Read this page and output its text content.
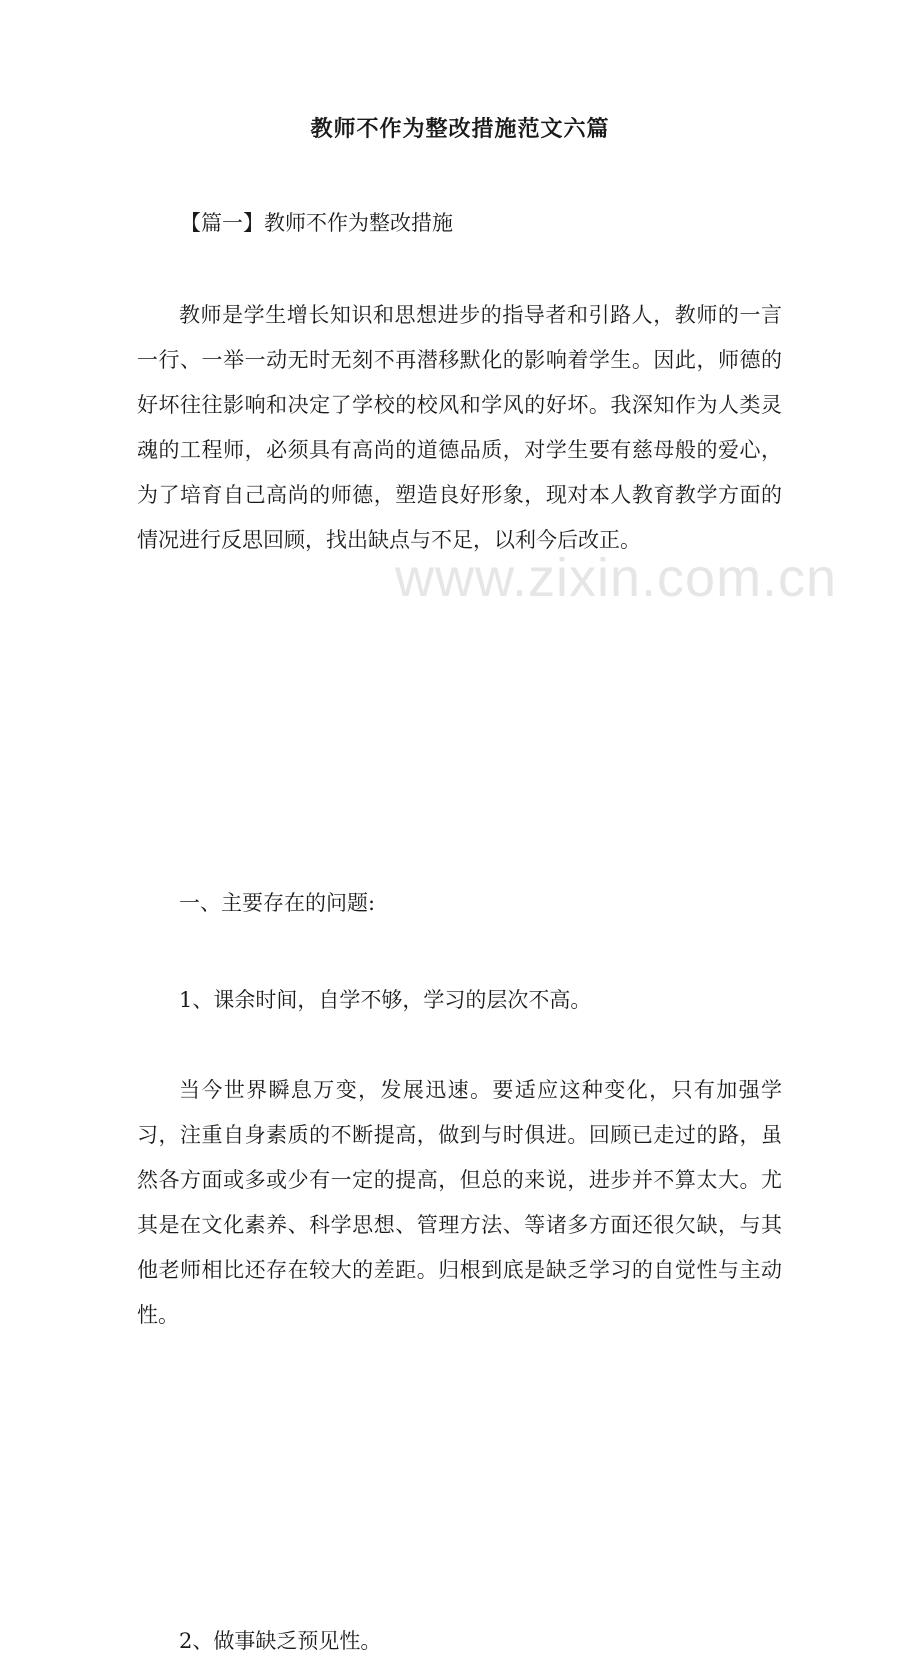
www.zixin.com.cn
教师不作为整改措施范文六篇
【篇一】教师不作为整改措施

教师是学生增长知识和思想进步的指导者和引路人，教师的一言一行、一举一动无时无刻不再潜移默化的影响着学生。因此，师德的好坏往往影响和决定了学校的校风和学风的好坏。我深知作为人类灵魂的工程师，必须具有高尚的道德品质，对学生要有慈母般的爱心，为了培育自己高尚的师德，塑造良好形象，现对本人教育教学方面的情况进行反思回顾，找出缺点与不足，以利今后改正。

一、主要存在的问题:
1、课余时间，自学不够，学习的层次不高。

当今世界瞬息万变，发展迅速。要适应这种变化，只有加强学习，注重自身素质的不断提高，做到与时俱进。回顾已走过的路，虽然各方面或多或少有一定的提高，但总的来说，进步并不算太大。尤其是在文化素养、科学思想、管理方法、等诸多方面还很欠缺，与其他老师相比还存在较大的差距。归根到底是缺乏学习的自觉性与主动性。

2、做事缺乏预见性。
